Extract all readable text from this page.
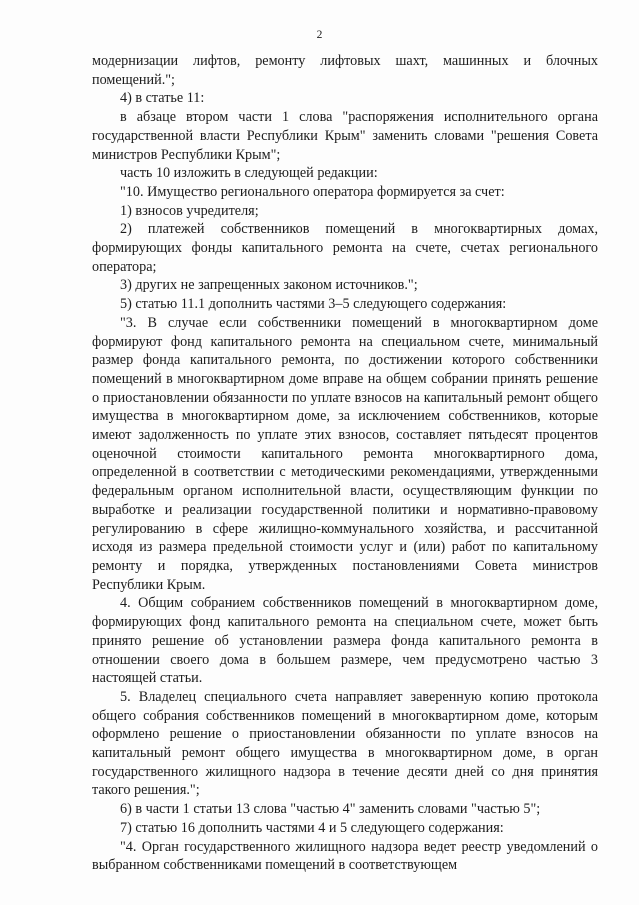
2

модернизации лифтов, ремонту лифтовых шахт, машинных и блочных помещений.";

4) в статье 11:

в абзаце втором части 1 слова "распоряжения исполнительного органа государственной власти Республики Крым" заменить словами "решения Совета министров Республики Крым";

часть 10 изложить в следующей редакции:

"10. Имущество регионального оператора формируется за счет:

1) взносов учредителя;

2) платежей собственников помещений в многоквартирных домах, формирующих фонды капитального ремонта на счете, счетах регионального оператора;

3) других не запрещенных законом источников.";

5) статью 11.1 дополнить частями 3–5 следующего содержания:

"3. В случае если собственники помещений в многоквартирном доме формируют фонд капитального ремонта на специальном счете, минимальный размер фонда капитального ремонта, по достижении которого собственники помещений в многоквартирном доме вправе на общем собрании принять решение о приостановлении обязанности по уплате взносов на капитальный ремонт общего имущества в многоквартирном доме, за исключением собственников, которые имеют задолженность по уплате этих взносов, составляет пятьдесят процентов оценочной стоимости капитального ремонта многоквартирного дома, определенной в соответствии с методическими рекомендациями, утвержденными федеральным органом исполнительной власти, осуществляющим функции по выработке и реализации государственной политики и нормативно-правовому регулированию в сфере жилищно-коммунального хозяйства, и рассчитанной исходя из размера предельной стоимости услуг и (или) работ по капитальному ремонту и порядка, утвержденных постановлениями Совета министров Республики Крым.

4. Общим собранием собственников помещений в многоквартирном доме, формирующих фонд капитального ремонта на специальном счете, может быть принято решение об установлении размера фонда капитального ремонта в отношении своего дома в большем размере, чем предусмотрено частью 3 настоящей статьи.

5. Владелец специального счета направляет заверенную копию протокола общего собрания собственников помещений в многоквартирном доме, которым оформлено решение о приостановлении обязанности по уплате взносов на капитальный ремонт общего имущества в многоквартирном доме, в орган государственного жилищного надзора в течение десяти дней со дня принятия такого решения.";

6) в части 1 статьи 13 слова "частью 4" заменить словами "частью 5";

7) статью 16 дополнить частями 4 и 5 следующего содержания:

"4. Орган государственного жилищного надзора ведет реестр уведомлений о выбранном собственниками помещений в соответствующем
